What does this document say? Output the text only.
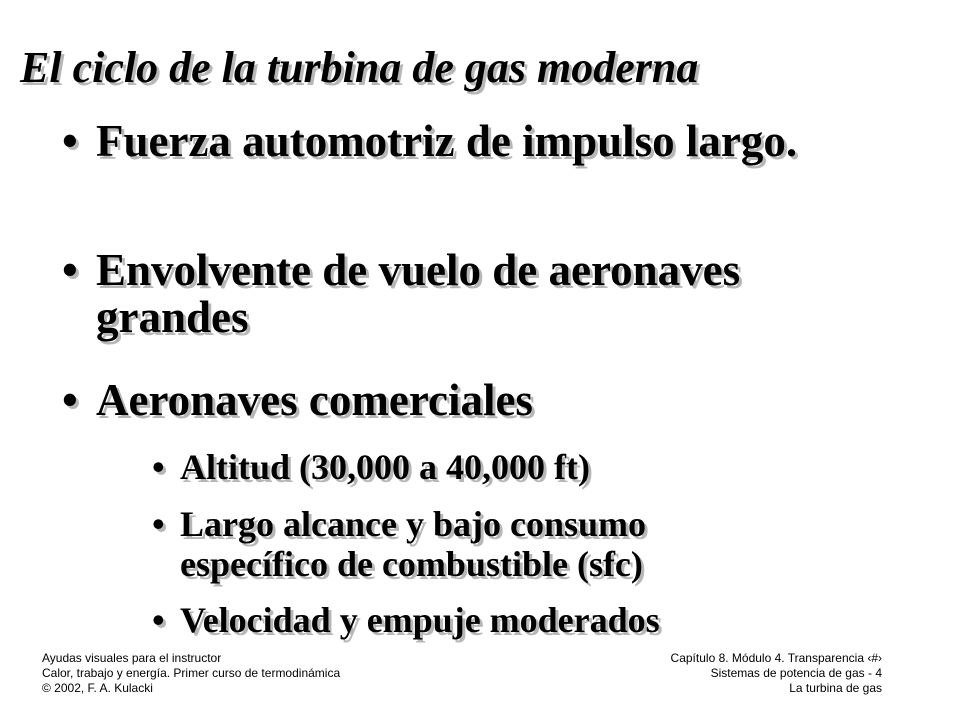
El ciclo de la turbina de gas moderna
• Fuerza automotriz de impulso largo.
• Envolvente de vuelo de aeronaves grandes
• Aeronaves comerciales
• Altitud (30,000 a 40,000 ft)
• Largo alcance y bajo consumo específico de combustible (sfc)
• Velocidad y empuje moderados
Ayudas visuales para el instructor
Calor, trabajo y energía. Primer curso de termodinámica
© 2002, F. A. Kulacki
Capítulo 8. Módulo 4. Transparencia ‹#›
Sistemas de potencia de gas - 4
La turbina de gas
